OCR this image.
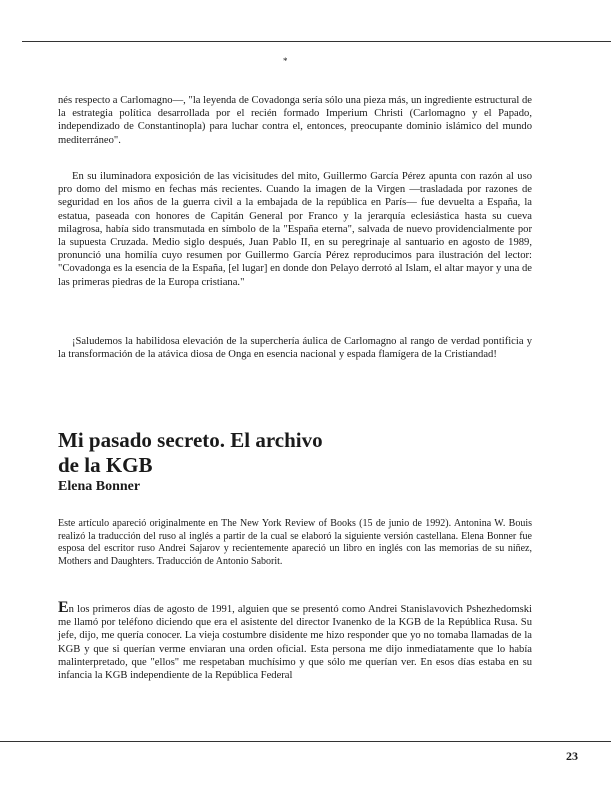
*

nés respecto a Carlomagno—, "la leyenda de Covadonga sería sólo una pieza más, un ingrediente estructural de la estrategia política desarrollada por el recién formado Imperium Christi (Carlomagno y el Papado, independizado de Constantinopla) para luchar contra el, entonces, preocupante dominio islámico del mundo mediterráneo".

En su iluminadora exposición de las vicisitudes del mito, Guillermo García Pérez apunta con razón al uso pro domo del mismo en fechas más recientes. Cuando la imagen de la Virgen —trasladada por razones de seguridad en los años de la guerra civil a la embajada de la república en París— fue devuelta a España, la estatua, paseada con honores de Capitán General por Franco y la jerarquía eclesiástica hasta su cueva milagrosa, había sido transmutada en símbolo de la "España eterna", salvada de nuevo providencialmente por la supuesta Cruzada. Medio siglo después, Juan Pablo II, en su peregrinaje al santuario en agosto de 1989, pronunció una homilía cuyo resumen por Guillermo García Pérez reproducimos para ilustración del lector: "Covadonga es la esencia de la España, [el lugar] en donde don Pelayo derrotó al Islam, el altar mayor y una de las primeras piedras de la Europa cristiana."

¡Saludemos la habilidosa elevación de la superchería áulica de Carlomagno al rango de verdad pontificia y la transformación de la atávica diosa de Onga en esencia nacional y espada flamígera de la Cristiandad!

Mi pasado secreto. El archivo
de la KGB
Elena Bonner

Este artículo apareció originalmente en The New York Review of Books (15 de junio de 1992). Antonina W. Bouis realizó la traducción del ruso al inglés a partir de la cual se elaboró la siguiente versión castellana. Elena Bonner fue esposa del escritor ruso Andrei Sajarov y recientemente apareció un libro en inglés con las memorias de su niñez, Mothers and Daughters. Traducción de Antonio Saborit.

En los primeros días de agosto de 1991, alguien que se presentó como Andrei Stanislavovich Pshezhedomski me llamó por teléfono diciendo que era el asistente del director Ivanenko de la KGB de la República Rusa. Su jefe, dijo, me quería conocer. La vieja costumbre disidente me hizo responder que yo no tomaba llamadas de la KGB y que si querían verme enviaran una orden oficial. Esta persona me dijo inmediatamente que lo había malinterpretado, que "ellos" me respetaban muchísimo y que sólo me querían ver. En esos días estaba en su infancia la KGB independiente de la República Federal

23
